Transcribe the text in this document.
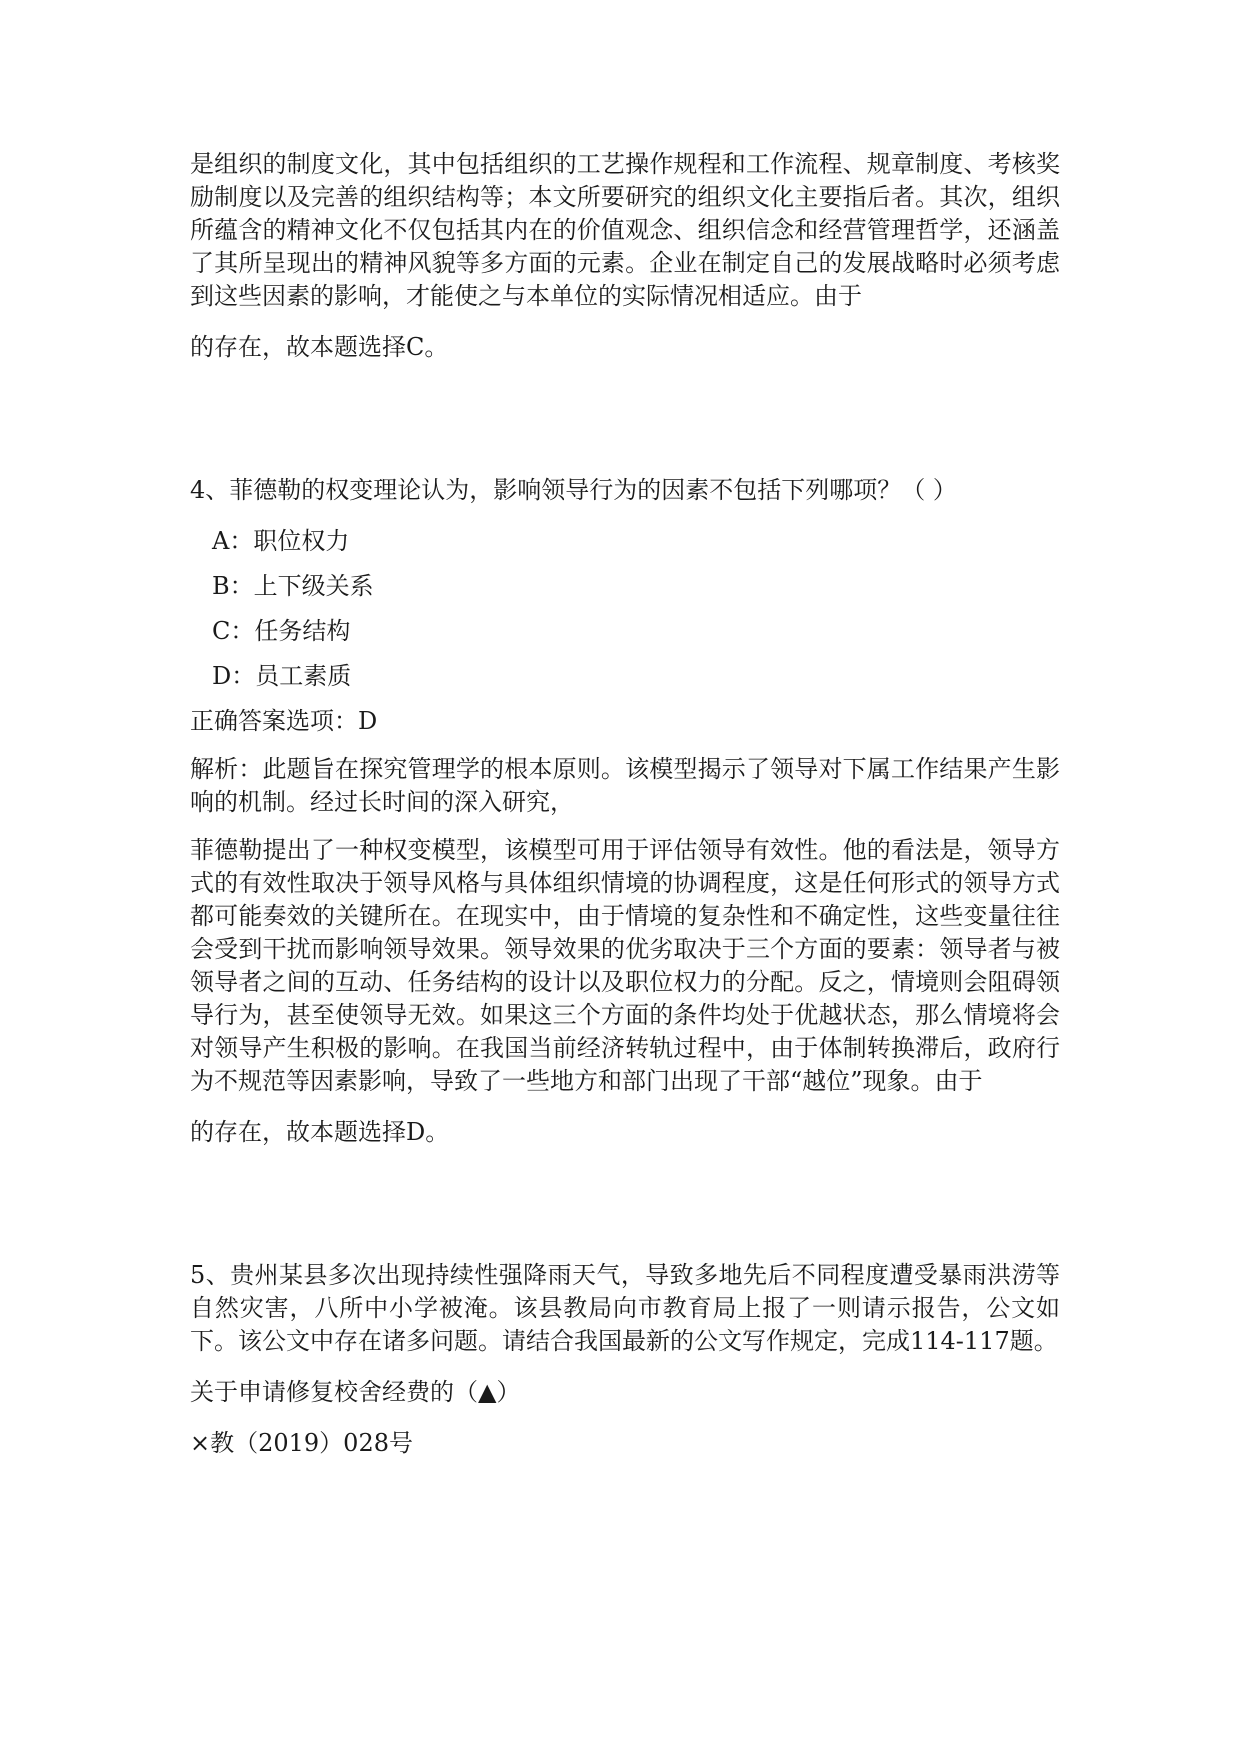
是组织的制度文化，其中包括组织的工艺操作规程和工作流程、规章制度、考核奖励制度以及完善的组织结构等；本文所要研究的组织文化主要指后者。其次，组织所蕴含的精神文化不仅包括其内在的价值观念、组织信念和经营管理哲学，还涵盖了其所呈现出的精神风貌等多方面的元素。企业在制定自己的发展战略时必须考虑到这些因素的影响，才能使之与本单位的实际情况相适应。由于

的存在，故本题选择C。

4、菲德勒的权变理论认为，影响领导行为的因素不包括下列哪项？（ ）

A：职位权力

B：上下级关系

C：任务结构

D：员工素质

正确答案选项：D

解析：此题旨在探究管理学的根本原则。该模型揭示了领导对下属工作结果产生影响的机制。经过长时间的深入研究，

菲德勒提出了一种权变模型，该模型可用于评估领导有效性。他的看法是，领导方式的有效性取决于领导风格与具体组织情境的协调程度，这是任何形式的领导方式都可能奏效的关键所在。在现实中，由于情境的复杂性和不确定性，这些变量往往会受到干扰而影响领导效果。领导效果的优劣取决于三个方面的要素：领导者与被领导者之间的互动、任务结构的设计以及职位权力的分配。反之，情境则会阻碍领导行为，甚至使领导无效。如果这三个方面的条件均处于优越状态，那么情境将会对领导产生积极的影响。在我国当前经济转轨过程中，由于体制转换滞后，政府行为不规范等因素影响，导致了一些地方和部门出现了干部“越位”现象。由于

的存在，故本题选择D。

5、贵州某县多次出现持续性强降雨天气，导致多地先后不同程度遭受暴雨洪涝等自然灾害，八所中小学被淹。该县教局向市教育局上报了一则请示报告，公文如下。该公文中存在诸多问题。请结合我国最新的公文写作规定，完成114-117题。

关于申请修复校舍经费的（▲）

×教（2019）028号
